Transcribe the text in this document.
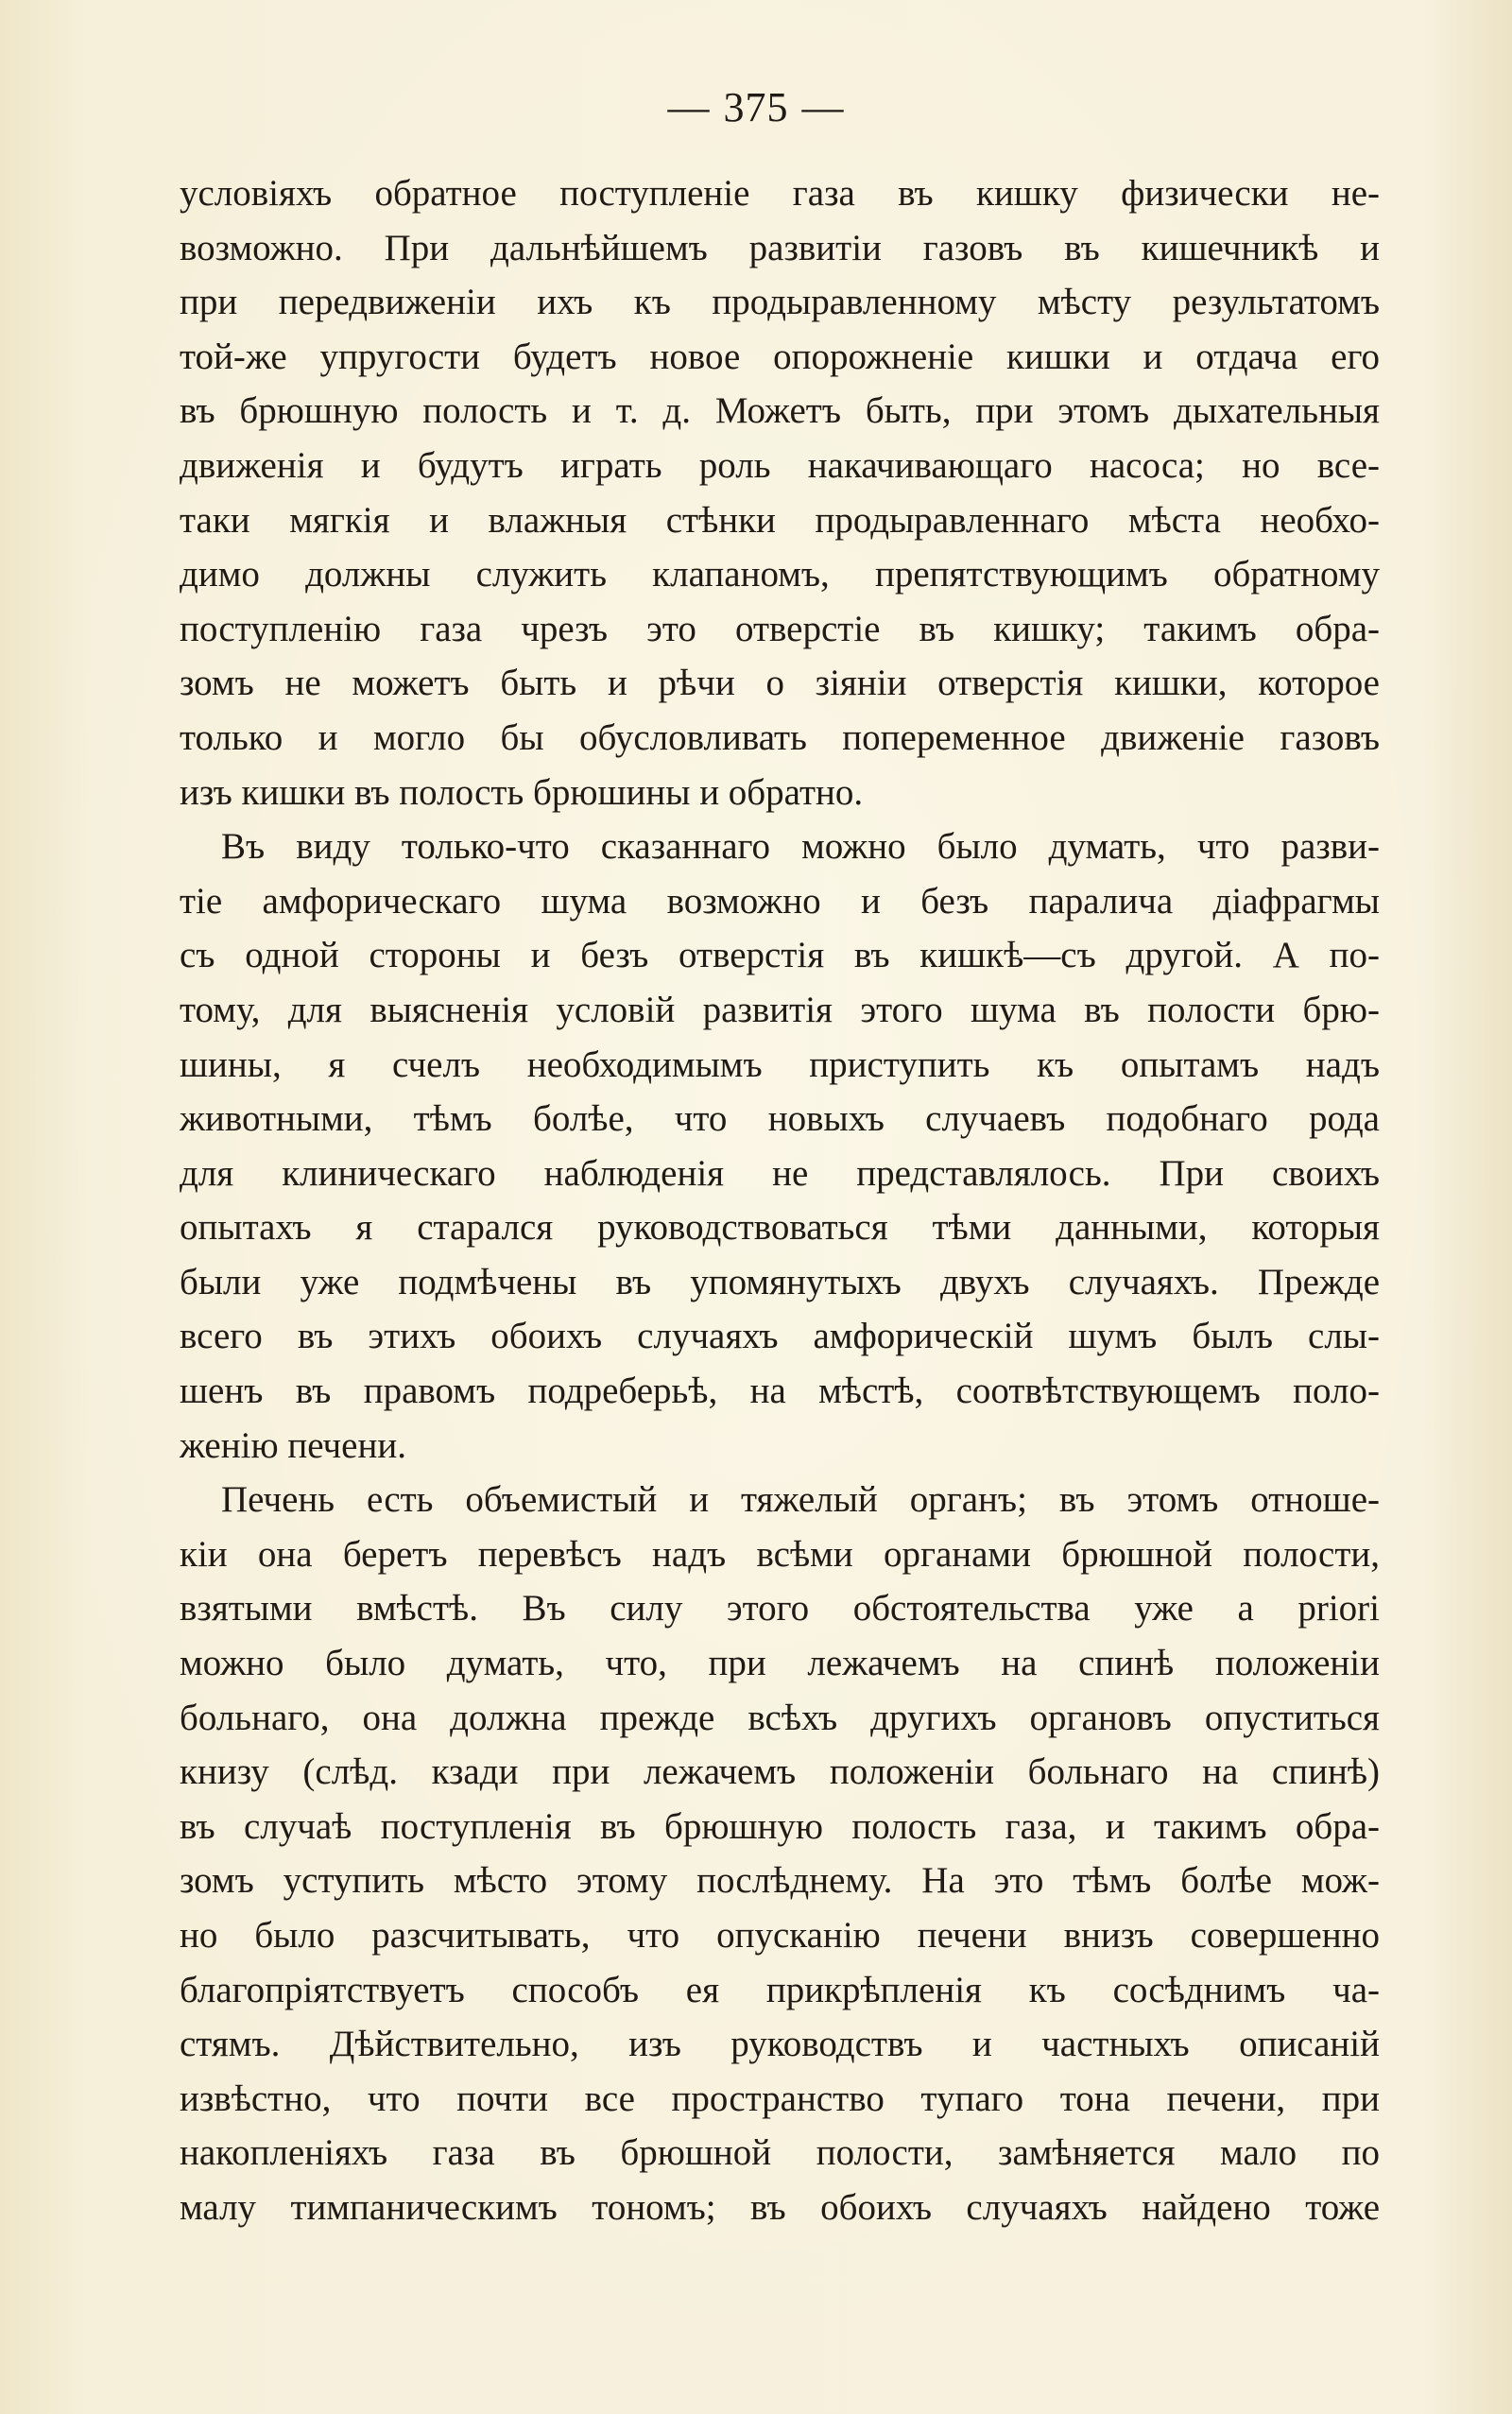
— 375 —
условіяхъ обратное поступленіе газа въ кишку физически не-
возможно. При дальнѣйшемъ развитіи газовъ въ кишечникѣ и
при передвиженіи ихъ къ продыравленному мѣсту результатомъ
той-же упругости будетъ новое опорожненіе кишки и отдача его
въ брюшную полость и т. д. Можетъ быть, при этомъ дыхательныя
движенія и будутъ играть роль накачивающаго насоса; но все-
таки мягкія и влажныя стѣнки продыравленнаго мѣста необхо-
димо должны служить клапаномъ, препятствующимъ обратному
поступленію газа чрезъ это отверстіе въ кишку; такимъ обра-
зомъ не можетъ быть и рѣчи о зіяніи отверстія кишки, которое
только и могло бы обусловливать попеременное движеніе газовъ
изъ кишки въ полость брюшины и обратно.
Въ виду только-что сказаннаго можно было думать, что разви-
тіе амфорическаго шума возможно и безъ паралича діафрагмы
съ одной стороны и безъ отверстія въ кишкѣ—съ другой. А по-
тому, для выясненія условій развитія этого шума въ полости брю-
шины, я счелъ необходимымъ приступить къ опытамъ надъ
животными, тѣмъ болѣе, что новыхъ случаевъ подобнаго рода
для клиническаго наблюденія не представлялось. При своихъ
опытахъ я старался руководствоваться тѣми данными, которыя
были уже подмѣчены въ упомянутыхъ двухъ случаяхъ. Прежде
всего въ этихъ обоихъ случаяхъ амфорическій шумъ былъ слы-
шенъ въ правомъ подреберьѣ, на мѣстѣ, соотвѣтствующемъ поло-
женію печени.
Печень есть объемистый и тяжелый органъ; въ этомъ отноше-
кіи она беретъ перевѣсъ надъ всѣми органами брюшной полости,
взятыми вмѣстѣ. Въ силу этого обстоятельства уже a priori
можно было думать, что, при лежачемъ на спинѣ положеніи
больнаго, она должна прежде всѣхъ другихъ органовъ опуститься
книзу (слѣд. кзади при лежачемъ положеніи больнаго на спинѣ)
въ случаѣ поступленія въ брюшную полость газа, и такимъ обра-
зомъ уступить мѣсто этому послѣднему. На это тѣмъ болѣе мож-
но было разсчитывать, что опусканію печени внизъ совершенно
благопріятствуетъ способъ ея прикрѣпленія къ сосѣднимъ ча-
стямъ. Дѣйствительно, изъ руководствъ и частныхъ описаній
извѣстно, что почти все пространство тупаго тона печени, при
накопленіяхъ газа въ брюшной полости, замѣняется мало по
малу тимпаническимъ тономъ; въ обоихъ случаяхъ найдено тоже
